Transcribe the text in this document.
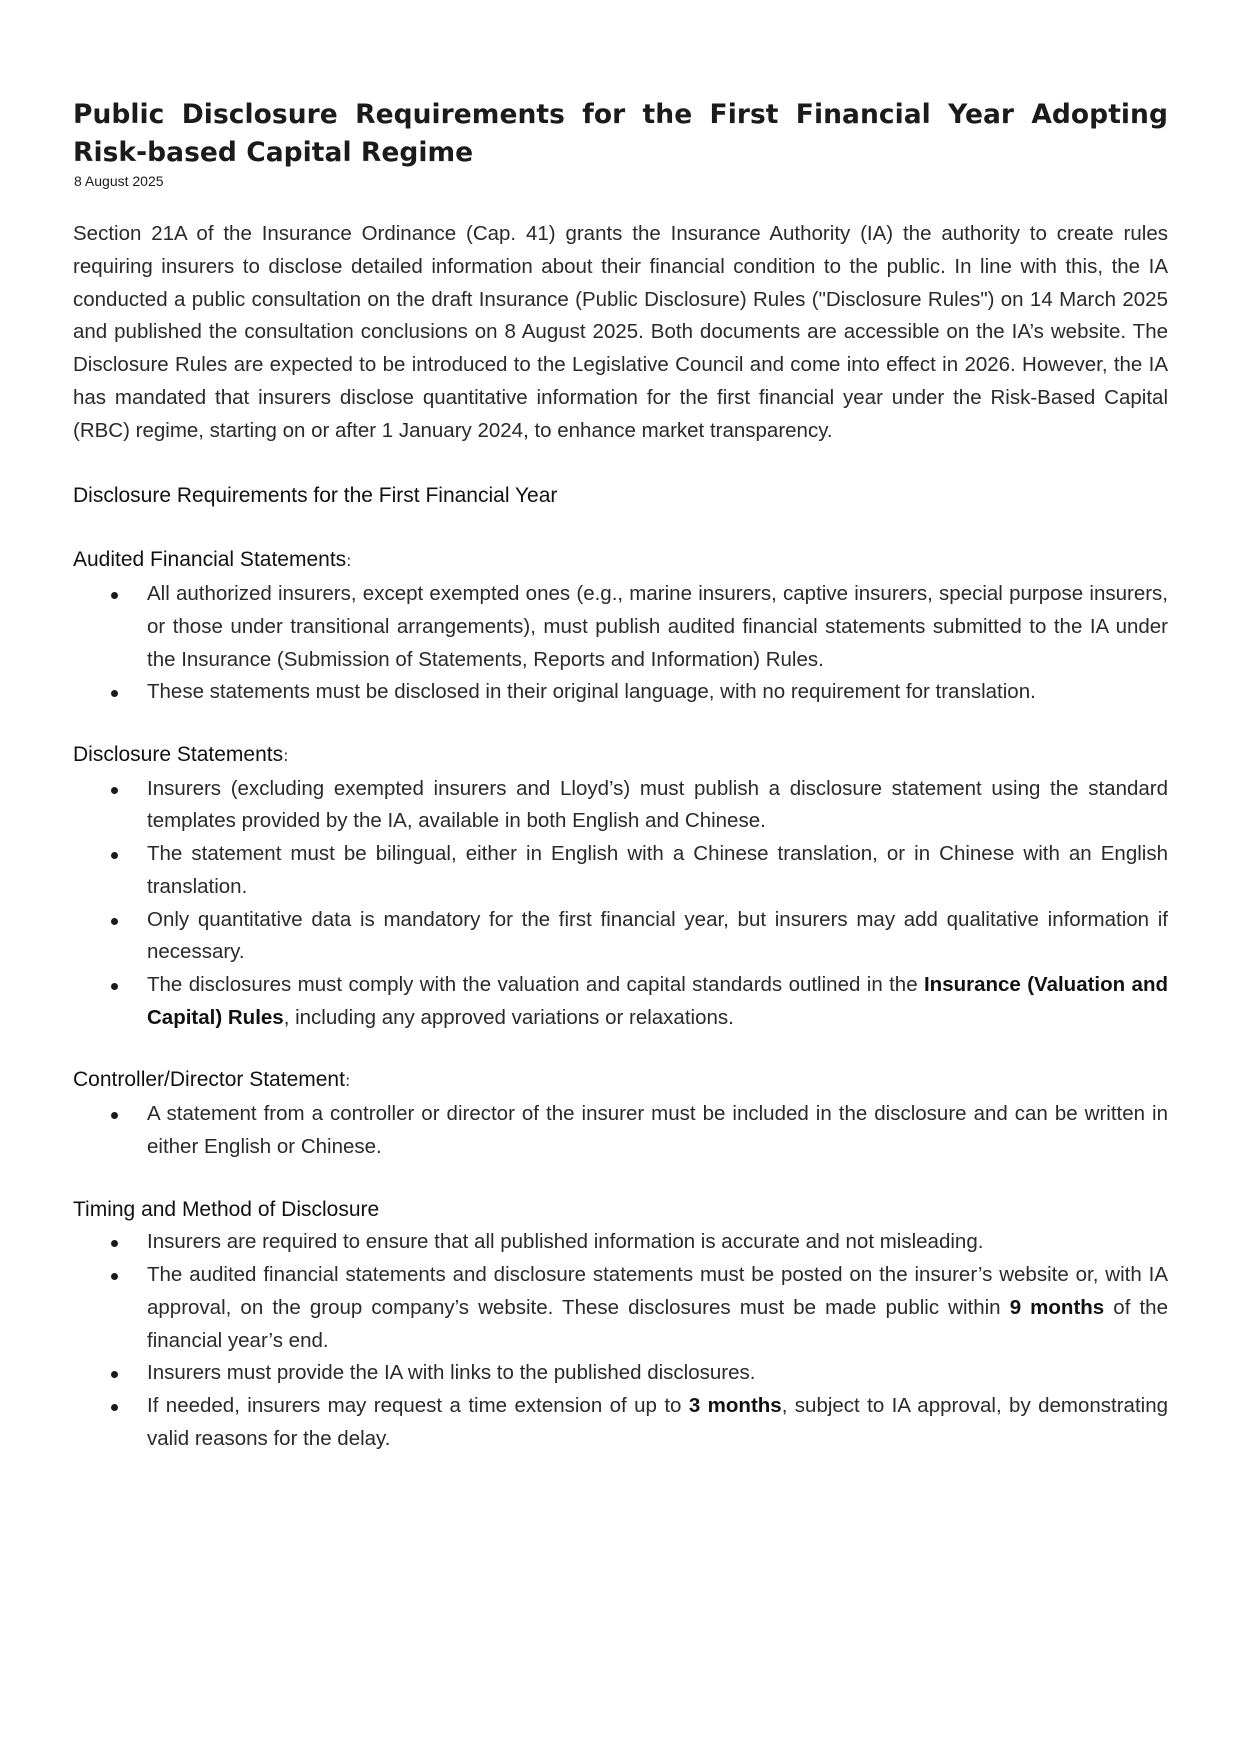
Public Disclosure Requirements for the First Financial Year Adopting Risk-based Capital Regime

8 August 2025

Section 21A of the Insurance Ordinance (Cap. 41) grants the Insurance Authority (IA) the authority to create rules requiring insurers to disclose detailed information about their financial condition to the public. In line with this, the IA conducted a public consultation on the draft Insurance (Public Disclosure) Rules ("Disclosure Rules") on 14 March 2025 and published the consultation conclusions on 8 August 2025. Both documents are accessible on the IA’s website. The Disclosure Rules are expected to be introduced to the Legislative Council and come into effect in 2026. However, the IA has mandated that insurers disclose quantitative information for the first financial year under the Risk-Based Capital (RBC) regime, starting on or after 1 January 2024, to enhance market transparency.

Disclosure Requirements for the First Financial Year

Audited Financial Statements:

All authorized insurers, except exempted ones (e.g., marine insurers, captive insurers, special purpose insurers, or those under transitional arrangements), must publish audited financial statements submitted to the IA under the Insurance (Submission of Statements, Reports and Information) Rules.
These statements must be disclosed in their original language, with no requirement for translation.

Disclosure Statements:

Insurers (excluding exempted insurers and Lloyd’s) must publish a disclosure statement using the standard templates provided by the IA, available in both English and Chinese.
The statement must be bilingual, either in English with a Chinese translation, or in Chinese with an English translation.
Only quantitative data is mandatory for the first financial year, but insurers may add qualitative information if necessary.
The disclosures must comply with the valuation and capital standards outlined in the Insurance (Valuation and Capital) Rules, including any approved variations or relaxations.

Controller/Director Statement:

A statement from a controller or director of the insurer must be included in the disclosure and can be written in either English or Chinese.

Timing and Method of Disclosure

Insurers are required to ensure that all published information is accurate and not misleading.
The audited financial statements and disclosure statements must be posted on the insurer’s website or, with IA approval, on the group company’s website. These disclosures must be made public within 9 months of the financial year’s end.
Insurers must provide the IA with links to the published disclosures.
If needed, insurers may request a time extension of up to 3 months, subject to IA approval, by demonstrating valid reasons for the delay.
